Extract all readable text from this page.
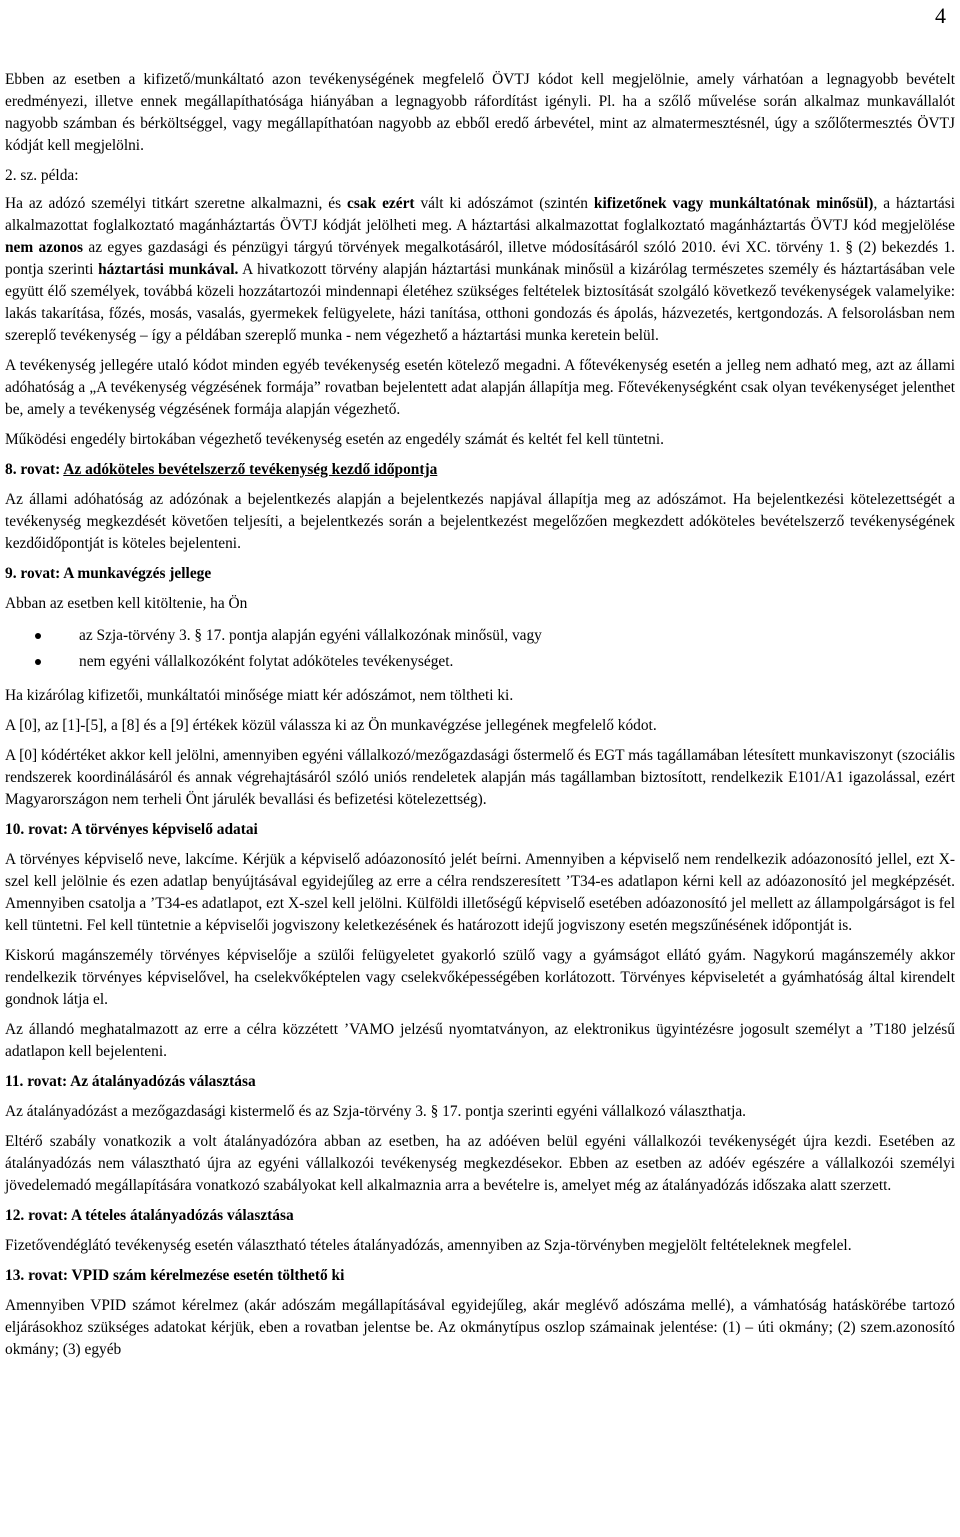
4

Ebben az esetben a kifizető/munkáltató azon tevékenységének megfelelő ÖVTJ kódot kell megjelölnie, amely várhatóan a legnagyobb bevételt eredményezi, illetve ennek megállapíthatósága hiányában a legnagyobb ráfordítást igényli. Pl. ha a szőlő művelése során alkalmaz munkavállalót nagyobb számban és bérköltséggel, vagy megállapíthatóan nagyobb az ebből eredő árbevétel, mint az almatermesztésnél, úgy a szőlőtermesztés ÖVTJ kódját kell megjelölni.

2. sz. példa:

Ha az adózó személyi titkárt szeretne alkalmazni, és csak ezért vált ki adószámot (szintén kifizetőnek vagy munkáltatónak minősül), a háztartási alkalmazottat foglalkoztató magánháztartás ÖVTJ kódját jelölheti meg. A háztartási alkalmazottat foglalkoztató magánháztartás ÖVTJ kód megjelölése nem azonos az egyes gazdasági és pénzügyi tárgyú törvények megalkotásáról, illetve módosításáról szóló 2010. évi XC. törvény 1. § (2) bekezdés 1. pontja szerinti háztartási munkával. A hivatkozott törvény alapján háztartási munkának minősül a kizárólag természetes személy és háztartásában vele együtt élő személyek, továbbá közeli hozzátartozói mindennapi életéhez szükséges feltételek biztosítását szolgáló következő tevékenységek valamelyike: lakás takarítása, főzés, mosás, vasalás, gyermekek felügyelete, házi tanítása, otthoni gondozás és ápolás, házvezetés, kertgondozás. A felsorolásban nem szereplő tevékenység – így a példában szereplő munka - nem végezhető a háztartási munka keretein belül.

A tevékenység jellegére utaló kódot minden egyéb tevékenység esetén kötelező megadni. A főtevékenység esetén a jelleg nem adható meg, azt az állami adóhatóság a „A tevékenység végzésének formája” rovatban bejelentett adat alapján állapítja meg. Főtevékenységként csak olyan tevékenységet jelenthet be, amely a tevékenység végzésének formája alapján végezhető.

Működési engedély birtokában végezhető tevékenység esetén az engedély számát és keltét fel kell tüntetni.

8. rovat: Az adóköteles bevételszerző tevékenység kezdő időpontja

Az állami adóhatóság az adózónak a bejelentkezés alapján a bejelentkezés napjával állapítja meg az adószámot. Ha bejelentkezési kötelezettségét a tevékenység megkezdését követően teljesíti, a bejelentkezés során a bejelentkezést megelőzően megkezdett adóköteles bevételszerző tevékenységének kezdőidőpontját is köteles bejelenteni.

9. rovat: A munkavégzés jellege

Abban az esetben kell kitöltenie, ha Ön

az Szja-törvény 3. § 17. pontja alapján egyéni vállalkozónak minősül, vagy
nem egyéni vállalkozóként folytat adóköteles tevékenységet.

Ha kizárólag kifizetői, munkáltatói minősége miatt kér adószámot, nem töltheti ki.

A [0], az [1]-[5], a [8] és a [9] értékek közül válassza ki az Ön munkavégzése jellegének megfelelő kódot.

A [0] kódértéket akkor kell jelölni, amennyiben egyéni vállalkozó/mezőgazdasági őstermelő és EGT más tagállamában létesített munkaviszonyt (szociális rendszerek koordinálásáról és annak végrehajtásáról szóló uniós rendeletek alapján más tagállamban biztosított, rendelkezik E101/A1 igazolással, ezért Magyarországon nem terheli Önt járulék bevallási és befizetési kötelezettség).

10. rovat: A törvényes képviselő adatai

A törvényes képviselő neve, lakcíme. Kérjük a képviselő adóazonosító jelét beírni. Amennyiben a képviselő nem rendelkezik adóazonosító jellel, ezt X-szel kell jelölnie és ezen adatlap benyújtásával egyidejűleg az erre a célra rendszeresített ’T34-es adatlapon kérni kell az adóazonosító jel megképzését. Amennyiben csatolja a ’T34-es adatlapot, ezt X-szel kell jelölni. Külföldi illetőségű képviselő esetében adóazonosító jel mellett az állampolgárságot is fel kell tüntetni. Fel kell tüntetnie a képviselői jogviszony keletkezésének és határozott idejű jogviszony esetén megszűnésének időpontját is.

Kiskorú magánszemély törvényes képviselője a szülői felügyeletet gyakorló szülő vagy a gyámságot ellátó gyám. Nagykorú magánszemély akkor rendelkezik törvényes képviselővel, ha cselekvőképtelen vagy cselekvőképességében korlátozott. Törvényes képviseletét a gyámhatóság által kirendelt gondnok látja el.

Az állandó meghatalmazott az erre a célra közzétett ’VAMO jelzésű nyomtatványon, az elektronikus ügyintézésre jogosult személyt a ’T180 jelzésű adatlapon kell bejelenteni.

11. rovat: Az átalányadózás választása

Az átalányadózást a mezőgazdasági kistermelő és az Szja-törvény 3. § 17. pontja szerinti egyéni vállalkozó választhatja.

Eltérő szabály vonatkozik a volt átalányadózóra abban az esetben, ha az adóéven belül egyéni vállalkozói tevékenységét újra kezdi. Esetében az átalányadózás nem választható újra az egyéni vállalkozói tevékenység megkezdésekor. Ebben az esetben az adóév egészére a vállalkozói személyi jövedelemadó megállapítására vonatkozó szabályokat kell alkalmaznia arra a bevételre is, amelyet még az átalányadózás időszaka alatt szerzett.

12. rovat: A tételes átalányadózás választása

Fizetővendéglátó tevékenység esetén választható tételes átalányadózás, amennyiben az Szja-törvényben megjelölt feltételeknek megfelel.

13. rovat: VPID szám kérelmezése esetén tölthető ki

Amennyiben VPID számot kérelmez (akár adószám megállapításával egyidejűleg, akár meglévő adószáma mellé), a vámhatóság hatáskörébe tartozó eljárásokhoz szükséges adatokat kérjük, eben a rovatban jelentse be. Az okmánytípus oszlop számainak jelentése: (1) – úti okmány; (2) szem.azonosító okmány; (3) egyéb
